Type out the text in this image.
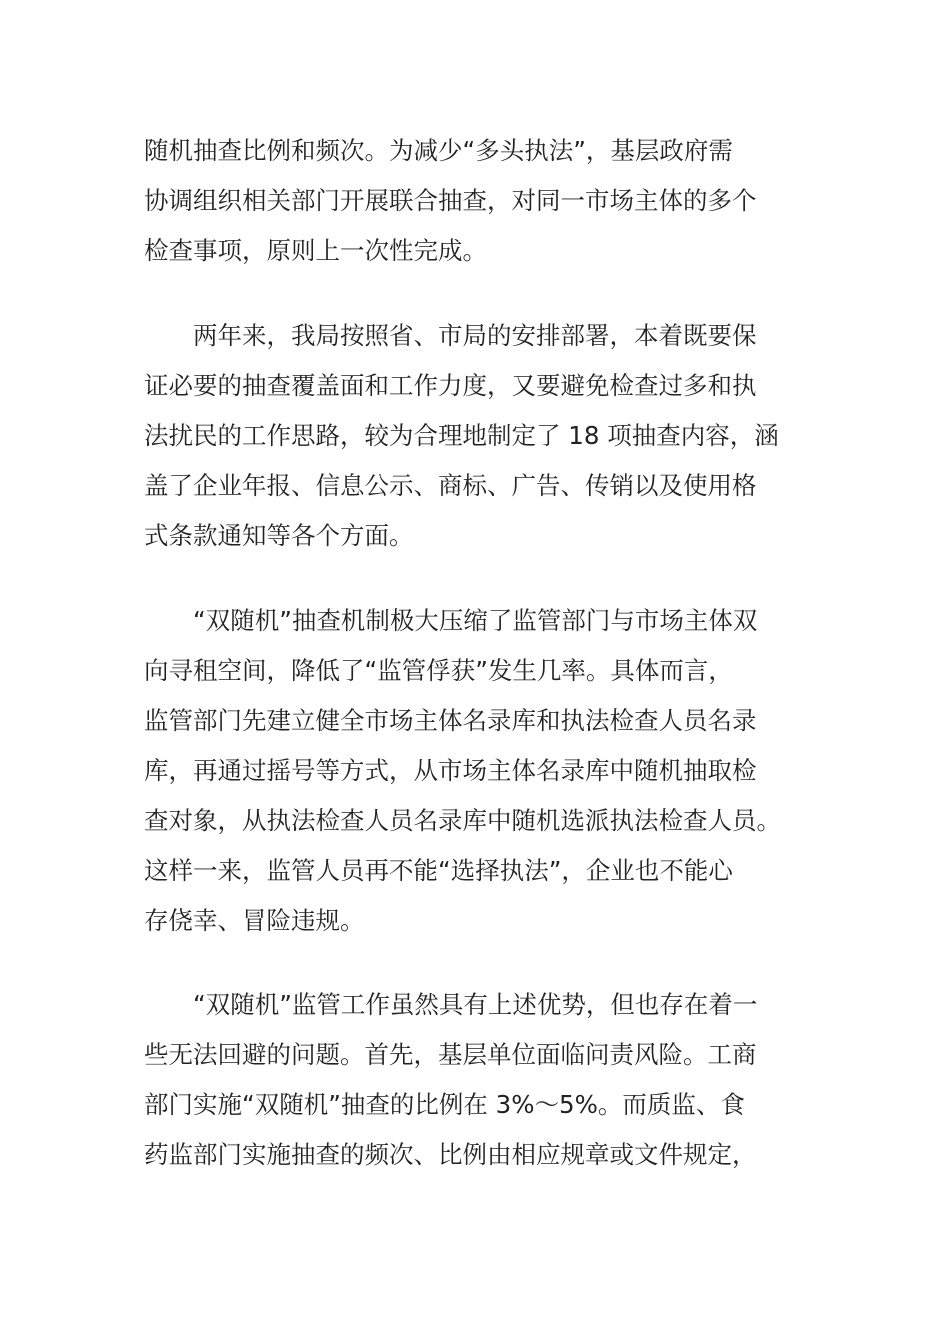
随机抽查比例和频次。为减少“多头执法”，基层政府需
协调组织相关部门开展联合抽查，对同一市场主体的多个
检查事项，原则上一次性完成。
　　两年来，我局按照省、市局的安排部署，本着既要保
证必要的抽查覆盖面和工作力度，又要避免检查过多和执
法扰民的工作思路，较为合理地制定了 18 项抽查内容，涵
盖了企业年报、信息公示、商标、广告、传销以及使用格
式条款通知等各个方面。
　　“双随机”抽查机制极大压缩了监管部门与市场主体双
向寻租空间，降低了“监管俘获”发生几率。具体而言，
监管部门先建立健全市场主体名录库和执法检查人员名录
库，再通过摇号等方式，从市场主体名录库中随机抽取检
查对象，从执法检查人员名录库中随机选派执法检查人员。
这样一来，监管人员再不能“选择执法”，企业也不能心
存侥幸、冒险违规。
　　“双随机”监管工作虽然具有上述优势，但也存在着一
些无法回避的问题。首先，基层单位面临问责风险。工商
部门实施“双随机”抽查的比例在 3%～5%。而质监、食
药监部门实施抽查的频次、比例由相应规章或文件规定，
